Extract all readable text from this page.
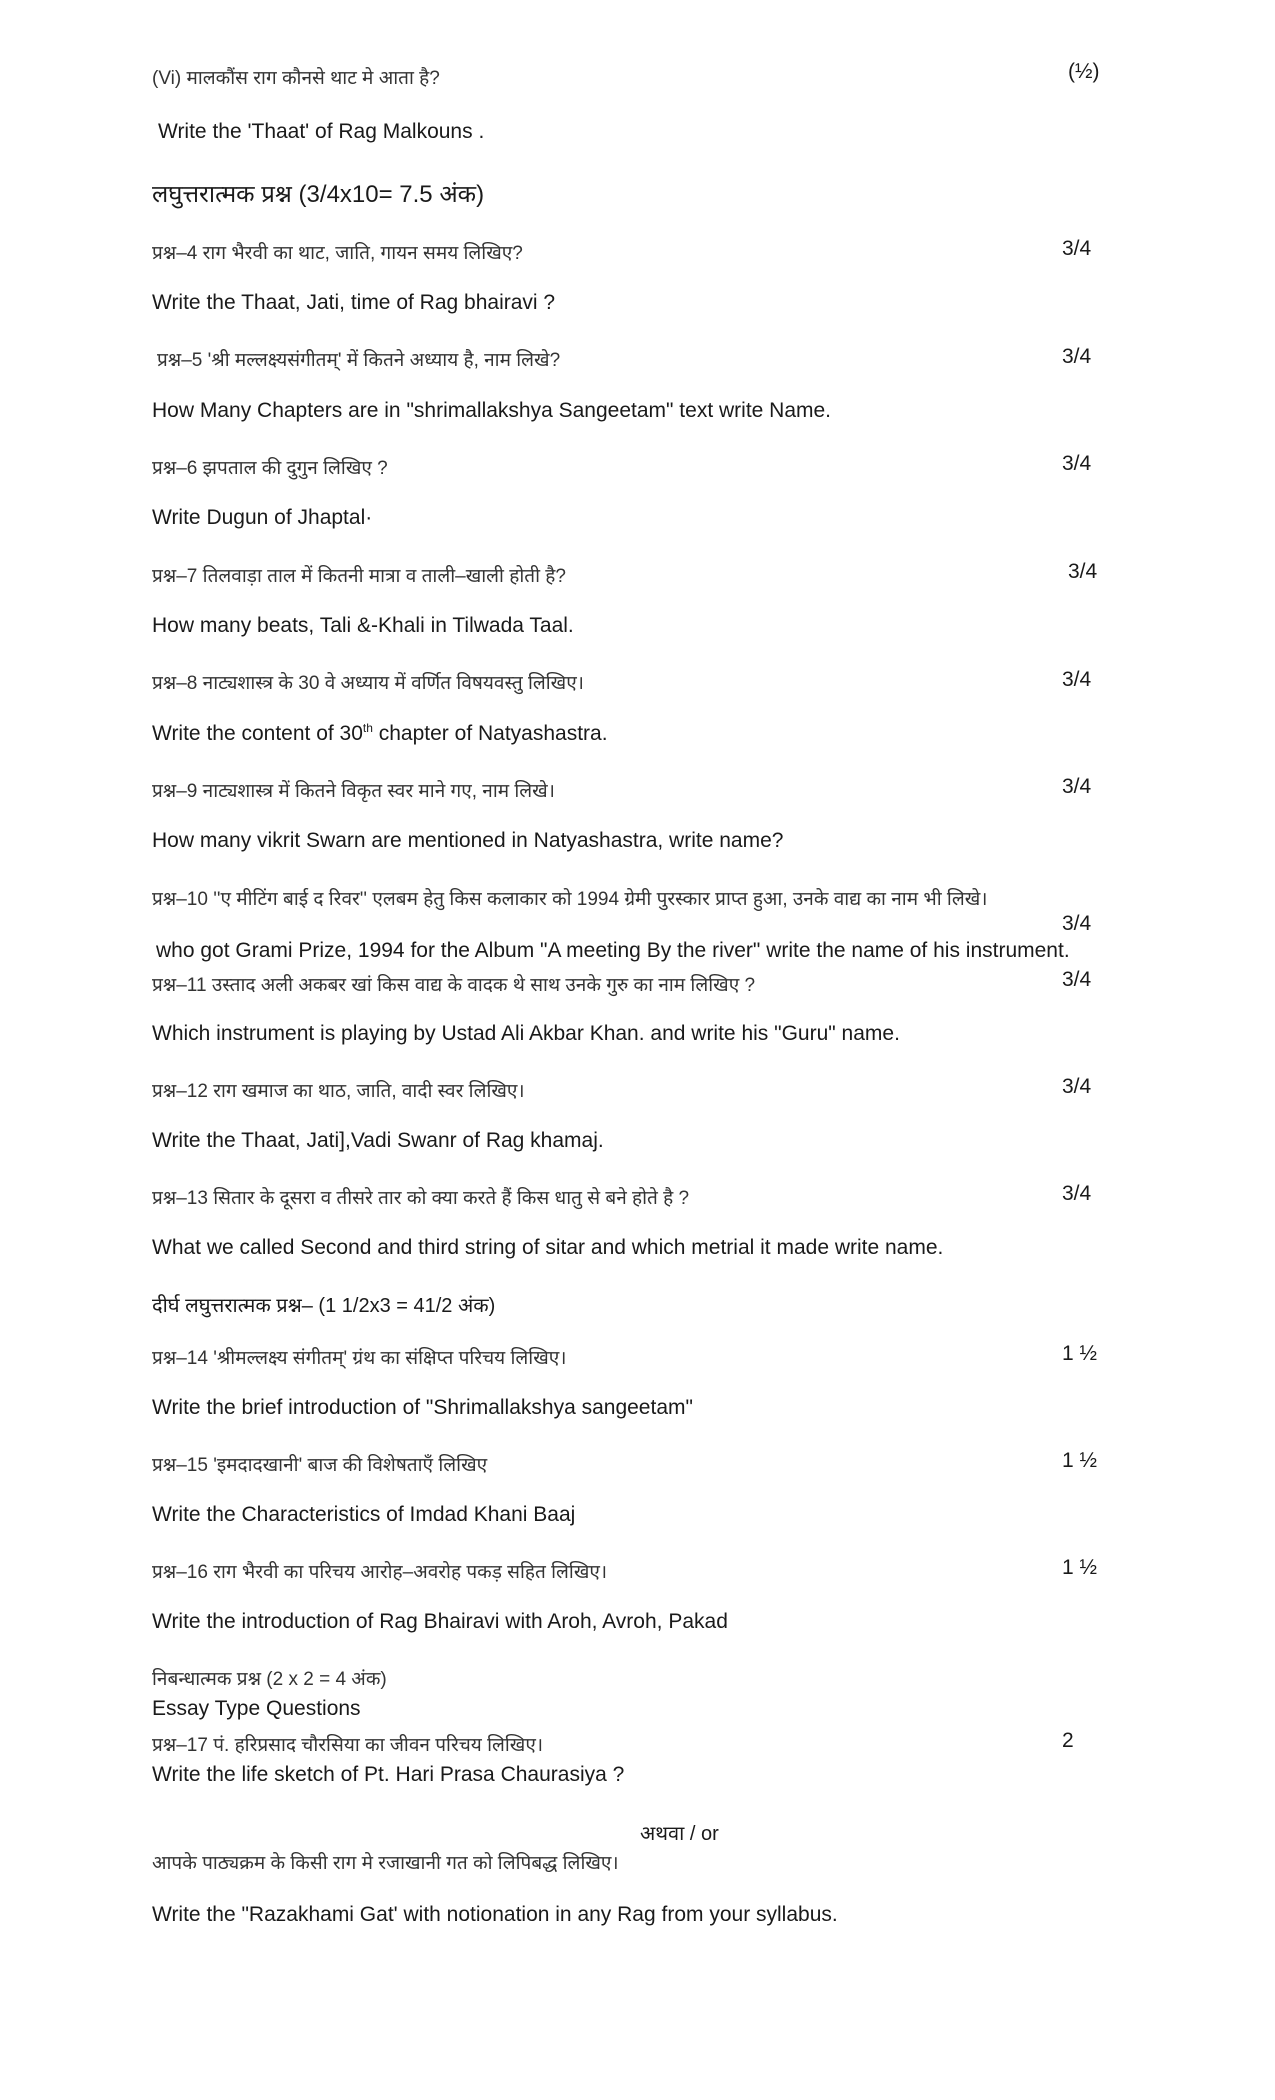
(Vi) मालकौंस राग कौनसे थाट मे आता है?	(½)
Write the 'Thaat' of Rag Malkouns .
लघुत्तरात्मक प्रश्न (3/4x10= 7.5 अंक)
प्रश्न–4 राग भैरवी का थाट, जाति, गायन समय लिखिए?	3/4
Write the Thaat, Jati, time of Rag bhairavi ?
प्रश्न–5 'श्री मल्लक्ष्यसंगीतम्' में कितने अध्याय है, नाम लिखे?	3/4
How Many Chapters are in "shrimallakshya Sangeetam" text write Name.
प्रश्न–6 झपताल की दुगुन लिखिए ?	3/4
Write Dugun of Jhaptal·
प्रश्न–7 तिलवाड़ा ताल में कितनी मात्रा व ताली–खाली होती है?	3/4
How many beats, Tali &-Khali in Tilwada Taal.
प्रश्न–8 नाट्यशास्त्र के 30 वे अध्याय में वर्णित विषयवस्तु लिखिए।	3/4
Write the content of 30th chapter of Natyashastra.
प्रश्न–9 नाट्यशास्त्र में कितने विकृत स्वर माने गए, नाम लिखे।	3/4
How many vikrit Swarn are mentioned in Natyashastra, write name?
प्रश्न–10 ''ए मीटिंग बाई द रिवर'' एलबम हेतु किस कलाकार को 1994 ग्रेमी पुरस्कार प्राप्त हुआ, उनके वाद्य का नाम भी लिखे।
3/4
who got Grami Prize, 1994 for the Album "A meeting By the river" write the name of his instrument.
प्रश्न–11 उस्ताद अली अकबर खां किस वाद्य के वादक थे साथ उनके गुरु का नाम लिखिए ?	3/4
Which instrument is playing by Ustad Ali Akbar Khan. and write his "Guru" name.
प्रश्न–12 राग खमाज का थाठ, जाति, वादी स्वर लिखिए।	3/4
Write the Thaat, Jati],Vadi Swanr of Rag khamaj.
प्रश्न–13 सितार के दूसरा व तीसरे तार को क्या करते हैं किस धातु से बने होते है ?	3/4
What we called Second and third string of sitar and which metrial it made write name.
दीर्घ लघुत्तरात्मक प्रश्न– (1 1/2x3 = 41/2 अंक)
प्रश्न–14 'श्रीमल्लक्ष्य संगीतम्' ग्रंथ का संक्षिप्त परिचय लिखिए।	1 ½
Write the brief introduction of "Shrimallakshya sangeetam"
प्रश्न–15 'इमदादखानी' बाज की विशेषताएँ लिखिए	1 ½
Write the Characteristics of Imdad Khani Baaj
प्रश्न–16 राग भैरवी का परिचय आरोह–अवरोह पकड़ सहित लिखिए।	1 ½
Write the introduction of Rag Bhairavi with Aroh, Avroh, Pakad
निबन्धात्मक प्रश्न (2 x 2 = 4 अंक)
Essay Type Questions
प्रश्न–17 पं. हरिप्रसाद चौरसिया का जीवन परिचय लिखिए।	2
Write the life sketch of Pt. Hari Prasa Chaurasiya ?
अथवा / or
आपके पाठ्यक्रम के किसी राग मे रजाखानी गत को लिपिबद्ध लिखिए।
Write the "Razakhami Gat' with notionation in any Rag from your syllabus.
